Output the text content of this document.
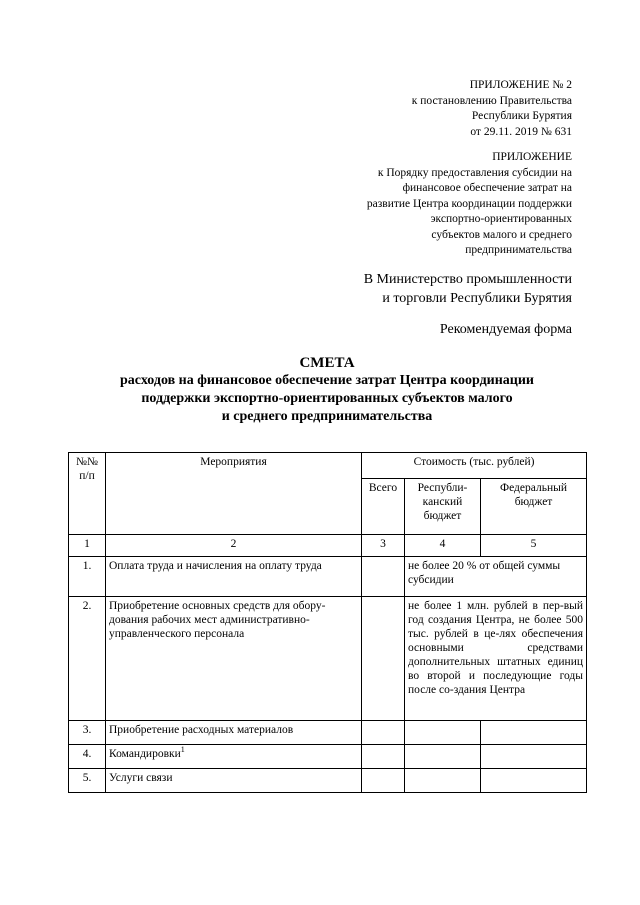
ПРИЛОЖЕНИЕ № 2
к постановлению Правительства
Республики Бурятия
от 29.11. 2019 № 631
ПРИЛОЖЕНИЕ
к Порядку предоставления субсидии на
финансовое обеспечение затрат на
развитие Центра координации поддержки
экспортно-ориентированных
субъектов малого и среднего
предпринимательства
В Министерство промышленности
и торговли Республики Бурятия
Рекомендуемая форма
СМЕТА
расходов на финансовое обеспечение затрат Центра координации
поддержки экспортно-ориентированных субъектов малого
и среднего предпринимательства
№№ п/п	Мероприятия	Стоимость (тыс. рублей)		
		Всего	Республи-канский бюджет	Федеральный бюджет
1	2	3	4	5
1.	Оплата труда и начисления на оплату труда		не более 20 % от общей суммы субсидии	
2.	Приобретение основных средств для обору-дования рабочих мест административно-управленческого персонала		не более 1 млн. рублей в пер-вый год создания Центра, не более 500 тыс. рублей в це-лях обеспечения основными средствами дополнительных штатных единиц во второй и последующие годы после со-здания Центра	
3.	Приобретение расходных материалов			
4.	Командировки$^1$			
5.	Услуги связи			
